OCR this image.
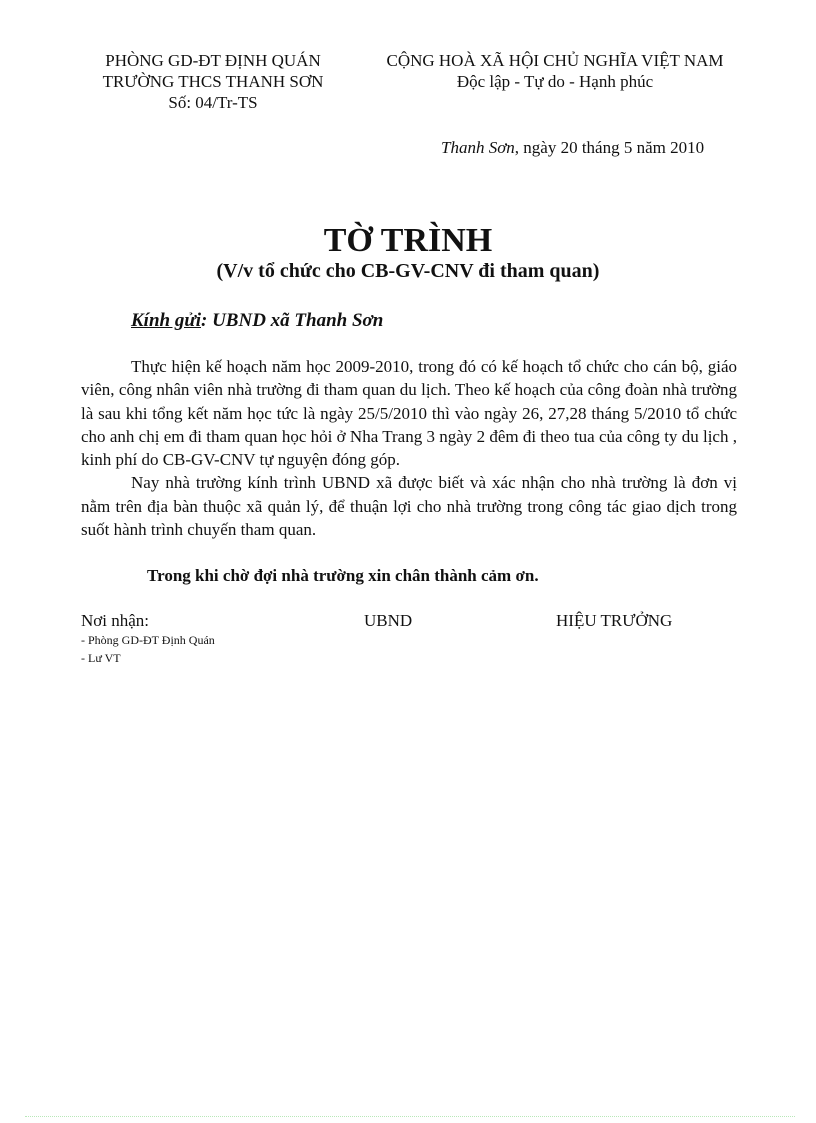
PHÒNG GD-ĐT ĐỊNH QUÁN
TRƯỜNG THCS THANH SƠN
Số: 04/Tr-TS
CỘNG HOÀ XÃ HỘI CHỦ NGHĨA VIỆT NAM
Độc lập - Tự do - Hạnh phúc
Thanh Sơn, ngày 20 tháng 5 năm 2010
TỜ TRÌNH
(V/v tổ chức cho CB-GV-CNV đi tham quan)
Kính gửi: UBND xã Thanh Sơn

Thực hiện kế hoạch năm học 2009-2010, trong đó có kế hoạch tổ chức cho cán bộ, giáo viên, công nhân viên nhà trường đi tham quan du lịch. Theo kế hoạch của công đoàn nhà trường là sau khi tổng kết năm học tức là ngày 25/5/2010 thì vào ngày 26, 27,28 tháng 5/2010 tổ chức cho anh chị em đi tham quan học hỏi ở Nha Trang 3 ngày 2 đêm đi theo tua của công ty du lịch , kinh phí do CB-GV-CNV tự nguyện đóng góp.

Nay nhà trường kính trình UBND xã được biết và xác nhận cho nhà trường là đơn vị nằm trên địa bàn thuộc xã quản lý, để thuận lợi cho nhà trường trong công tác giao dịch trong suốt hành trình chuyến tham quan.

Trong khi chờ đợi nhà trường xin chân thành cảm ơn.
Nơi nhận:	UBND	HIỆU TRƯỞNG
- Phòng GD-ĐT Định Quán
- Lư VT
